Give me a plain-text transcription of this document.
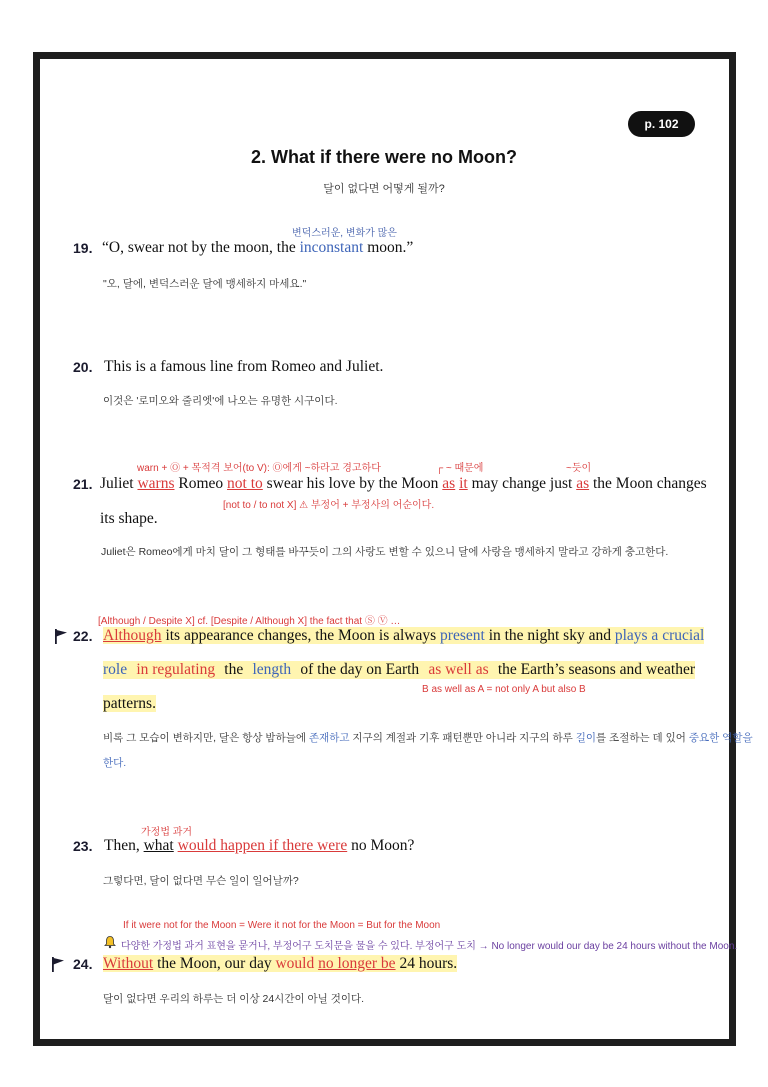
p. 102
2. What if there were no Moon?
달이 없다면 어떻게 될까?
변덕스러운, 변화가 많은
19. “O, swear not by the moon, the inconstant moon.”
"오, 달에, 변덕스러운 달에 맹세하지 마세요."
20. This is a famous line from Romeo and Juliet.
이것은 '로미오와 줄리엣'에 나오는 유명한 시구이다.
warn + Ⓞ + 목적격 보어(to V): Ⓞ에게 ~하라고 경고하다	┌ ~ 때문에	~듯이
21. Juliet warns Romeo not to swear his love by the Moon as it may change just as the Moon changes
[not to / to not X] ⚠ 부정어 + 부정사의 어순이다.
its shape.
Juliet은 Romeo에게 마치 달이 그 형태를 바꾸듯이 그의 사랑도 변할 수 있으니 달에 사랑을 맹세하지 말라고 강하게 충고한다.
[Although / Despite X] cf. [Despite / Although X] the fact that Ⓢ Ⓥ …
22. Although its appearance changes, the Moon is always present in the night sky and plays a crucial
role in regulating the length of the day on Earth as well as the Earth’s seasons and weather
B as well as A = not only A but also B
patterns.
비록 그 모습이 변하지만, 달은 항상 밤하늘에 존재하고 지구의 계절과 기후 패턴뿐만 아니라 지구의 하루 길이를 조절하는 데 있어 중요한 역할을
한다.
가정법 과거
23. Then, what would happen if there were no Moon?
그렇다면, 달이 없다면 무슨 일이 일어날까?
If it were not for the Moon = Were it not for the Moon = But for the Moon
다양한 가정법 과거 표현을 묻거나, 부정어구 도치문을 물을 수 있다. 부정어구 도치 → No longer would our day be 24 hours without the Moon.
24. Without the Moon, our day would no longer be 24 hours.
달이 없다면 우리의 하루는 더 이상 24시간이 아닐 것이다.
